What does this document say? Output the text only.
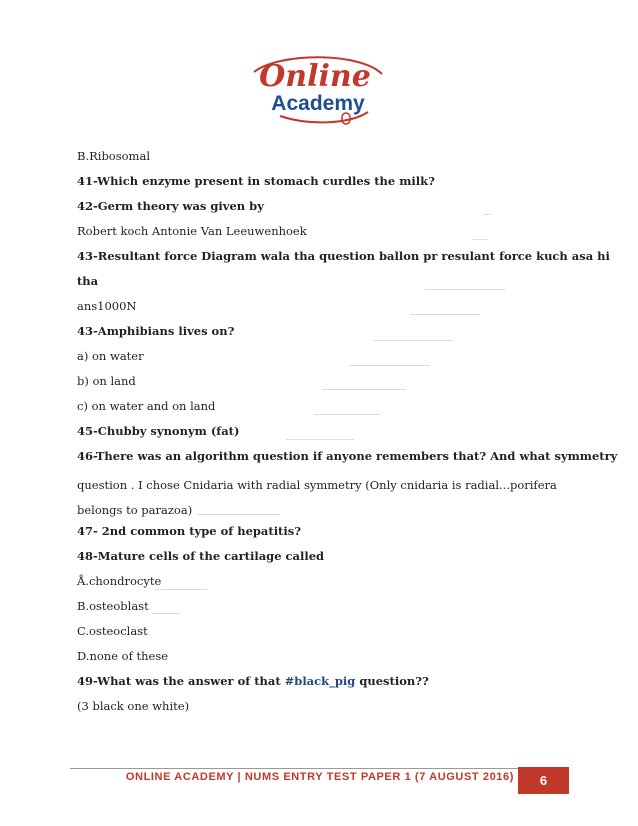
Online
Academy
B.Ribosomal
41-Which enzyme present in stomach curdles the milk?
42-Germ theory was given by
Robert koch Antonie Van Leeuwenhoek
43-Resultant force Diagram wala tha question ballon pr resulant force kuch asa hi
tha
ans1000N
43-Amphibians lives on?
a) on water
b) on land
c) on water and on land
45-Chubby synonym (fat)
46-There was an algorithm question if anyone remembers that? And what symmetry
question . I chose Cnidaria with radial symmetry (Only cnidaria is radial...porifera belongs to parazoa)
47- 2nd common type of hepatitis?
48-Mature cells of the cartilage called
Å.chondrocyte
B.osteoblast
C.osteoclast
D.none of these
49-What was the answer of that #black_pig question??
(3 black one white)
ONLINE ACADEMY | NUMS ENTRY TEST PAPER 1 (7 AUGUST 2016)	6
